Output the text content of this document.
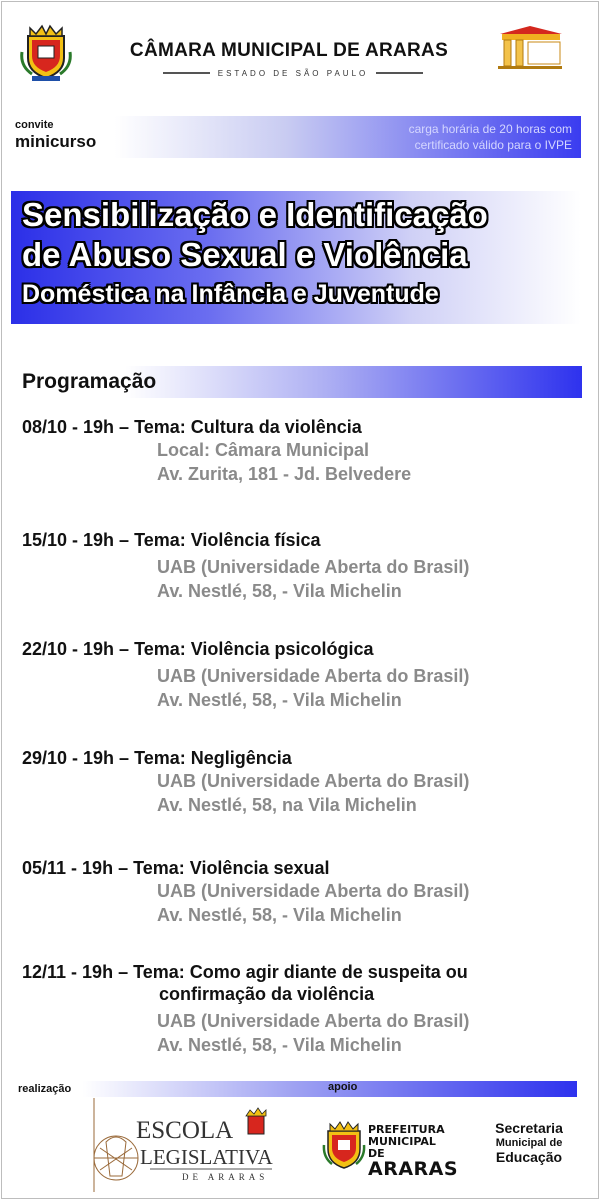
CÂMARA MUNICIPAL DE ARARAS
ESTADO DE SÃO PAULO
convite
minicurso
carga horária de 20 horas com
certificado válido para o IVPE
Sensibilização e Identificação
de Abuso Sexual e Violência
Doméstica na Infância e Juventude
Programação
08/10 - 19h – Tema: Cultura da violência
Local: Câmara Municipal
Av. Zurita, 181 - Jd. Belvedere
15/10 - 19h – Tema: Violência física
UAB (Universidade Aberta do Brasil)
Av. Nestlé, 58, - Vila Michelin
22/10 - 19h – Tema: Violência psicológica
UAB (Universidade Aberta do Brasil)
Av. Nestlé, 58, - Vila Michelin
29/10 - 19h – Tema: Negligência
UAB (Universidade Aberta do Brasil)
Av. Nestlé, 58, na Vila Michelin
05/11 - 19h – Tema: Violência sexual
UAB (Universidade Aberta do Brasil)
Av. Nestlé, 58, - Vila Michelin
12/11 - 19h – Tema: Como agir diante de suspeita ou
confirmação da violência
UAB (Universidade Aberta do Brasil)
Av. Nestlé, 58, - Vila Michelin
realização	apoio
ESCOLA
LEGISLATIVA
DE ARARAS
PREFEITURA
MUNICIPAL DE
ARARAS
Secretaria
Municipal de
Educação
